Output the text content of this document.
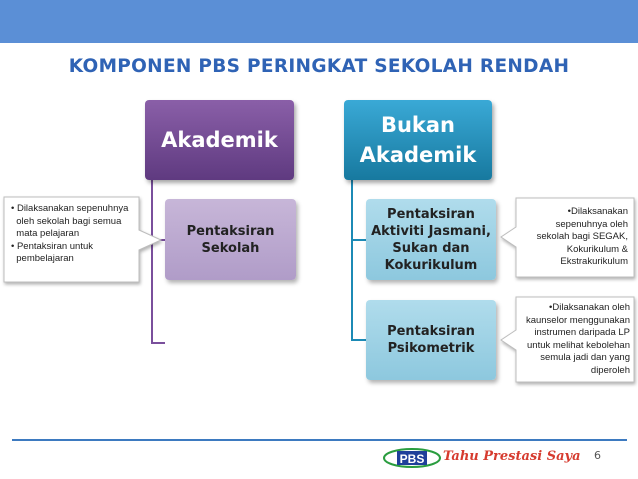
KOMPONEN PBS PERINGKAT SEKOLAH RENDAH
Akademik
Bukan
Akademik
Pentaksiran
Sekolah
Pentaksiran
Aktiviti Jasmani,
Sukan dan
Kokurikulum
Pentaksiran
Psikometrik
• Dilaksanakan sepenuhnya
oleh sekolah bagi semua
mata pelajaran
• Pentaksiran untuk
pembelajaran
•Dilaksanakan
sepenuhnya oleh
sekolah bagi SEGAK,
Kokurikulum &
Ekstrakurikulum
•Dilaksanakan oleh
kaunselor menggunakan
instrumen daripada LP
untuk melihat kebolehan
semula jadi dan yang
diperoleh
PBS Tahu Prestasi Saya 6
